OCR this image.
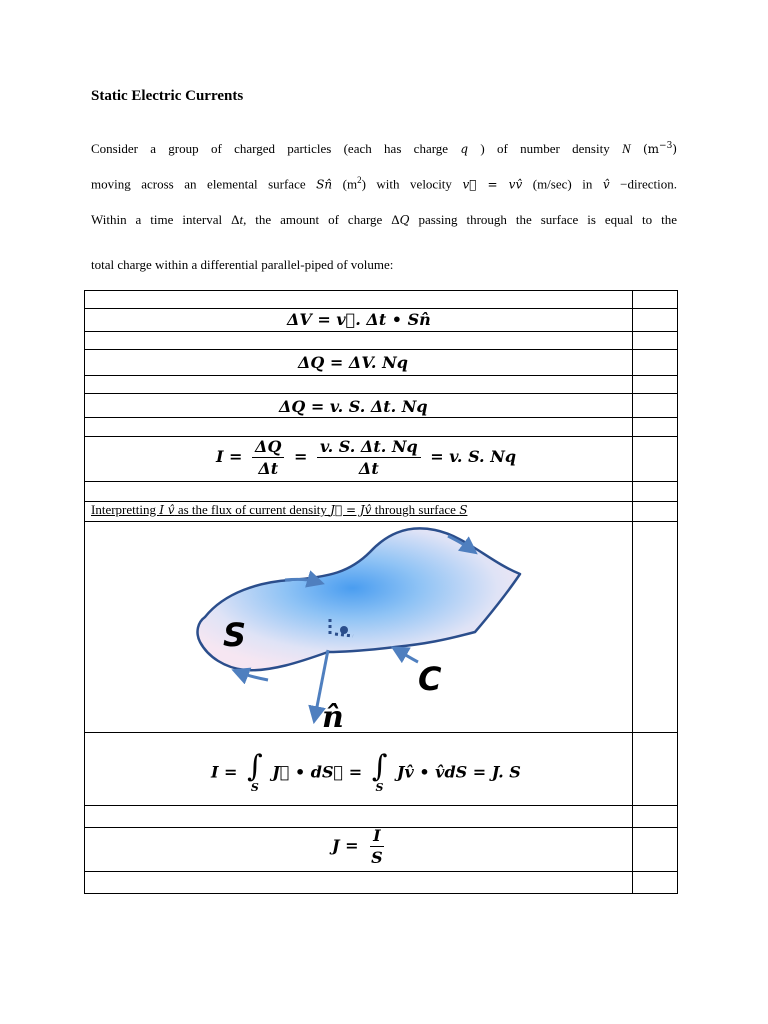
Static Electric Currents
Consider a group of charged particles (each has charge q ) of number density N $(m^{-3})$
moving across an elemental surface Sn̂ $(m^2)$ with velocity v⃗ = vv̂ (m/sec) in v̂ −direction.
Within a time interval Δt, the amount of charge ΔQ passing through the surface is equal to the
total charge within a differential parallel-piped of volume:
ΔV = v⃗. Δt • Sn̂
ΔQ = ΔV. Nq
ΔQ = v. S. Δt. Nq
$I = \frac{\Delta Q}{\Delta t} = \frac{v. S. \Delta t. Nq}{\Delta t} = v$. S. Nq
Interpretting I v̂ as the flux of current density J⃗ = Jv̂ through surface S
S
C
n̂
I = ∫
S
J⃗ • dS⃗ = ∫
S
Jv̂ • v̂dS = J. S
$J = \frac{I}{S}$
